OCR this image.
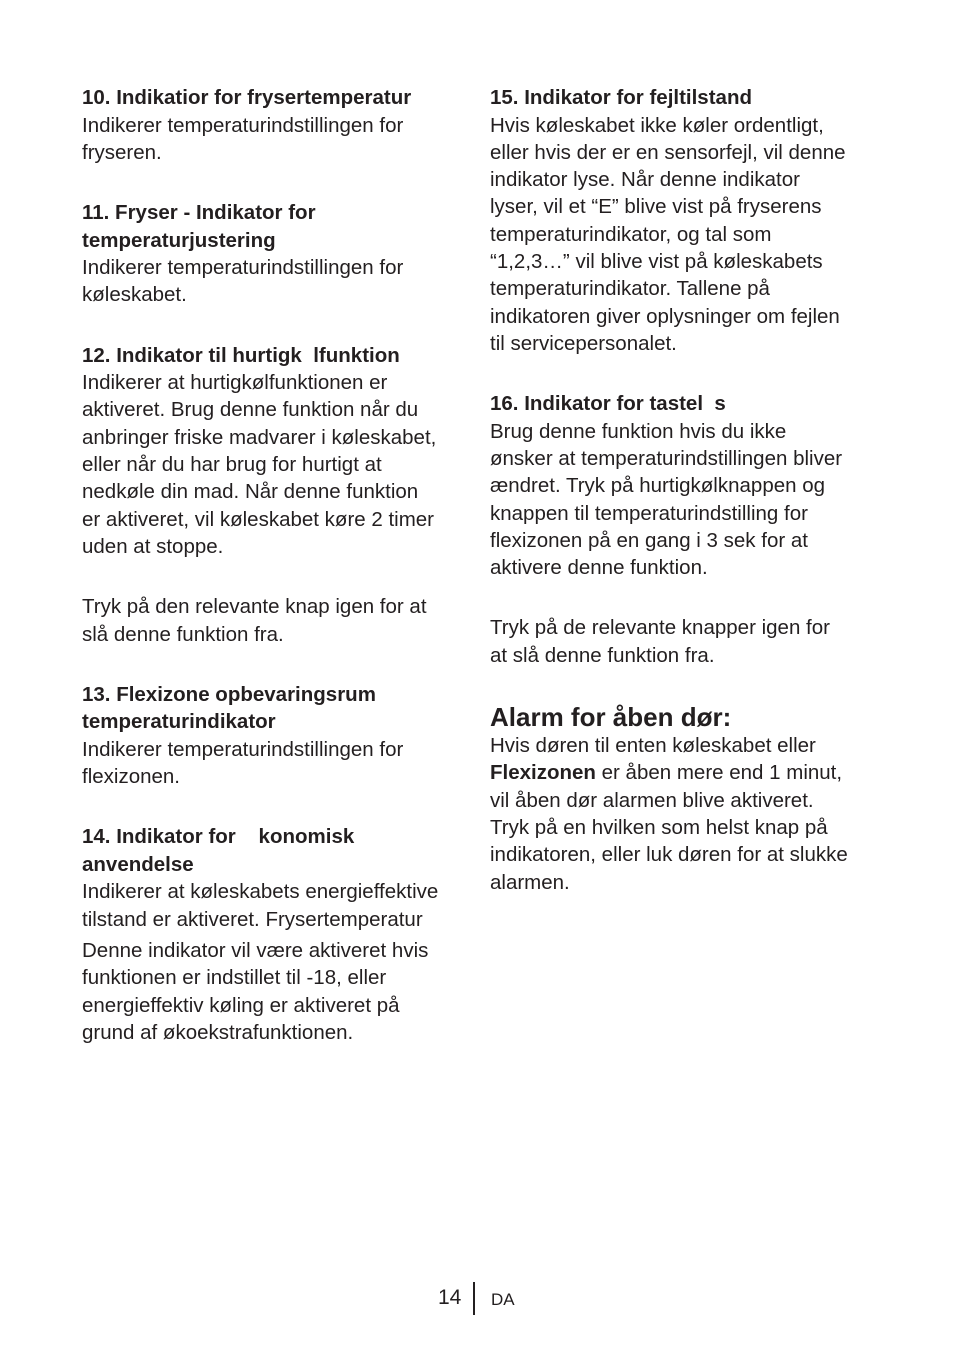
10. Indikatior for frysertemperatur
Indikerer temperaturindstillingen for
fryseren.
11. Fryser - Indikator for
temperaturjustering
Indikerer temperaturindstillingen for
køleskabet.
12. Indikator til hurtigk  lfunktion
Indikerer at hurtigkølfunktionen er
aktiveret. Brug denne funktion når du
anbringer friske madvarer i køleskabet,
eller når du har brug for hurtigt at
nedkøle din mad. Når denne funktion
er aktiveret, vil køleskabet køre 2 timer
uden at stoppe.
Tryk på den relevante knap igen for at
slå denne funktion fra.
13. Flexizone opbevaringsrum
temperaturindikator
Indikerer temperaturindstillingen for
flexizonen.
14. Indikator for    konomisk
anvendelse
Indikerer at køleskabets energieffektive
tilstand er aktiveret. Frysertemperatur
Denne indikator vil være aktiveret hvis
funktionen er indstillet til -18, eller
energieffektiv køling er aktiveret på
grund af økoekstrafunktionen.
15. Indikator for fejltilstand
Hvis køleskabet ikke køler ordentligt,
eller hvis der er en sensorfejl, vil denne
indikator lyse. Når denne indikator
lyser, vil et “E” blive vist på fryserens
temperaturindikator, og tal som
“1,2,3…” vil blive vist på køleskabets
temperaturindikator. Tallene på
indikatoren giver oplysninger om fejlen
til servicepersonalet.
16. Indikator for tastel  s
Brug denne funktion hvis du ikke
ønsker at temperaturindstillingen bliver
ændret. Tryk på hurtigkølknappen og
knappen til temperaturindstilling for
flexizonen på en gang i 3 sek for at
aktivere denne funktion.
Tryk på de relevante knapper igen for
at slå denne funktion fra.
Alarm for åben dør:
Hvis døren til enten køleskabet eller
Flexizonen er åben mere end 1 minut,
vil åben dør alarmen blive aktiveret.
Tryk på en hvilken som helst knap på
indikatoren, eller luk døren for at slukke
alarmen.
14 DA
